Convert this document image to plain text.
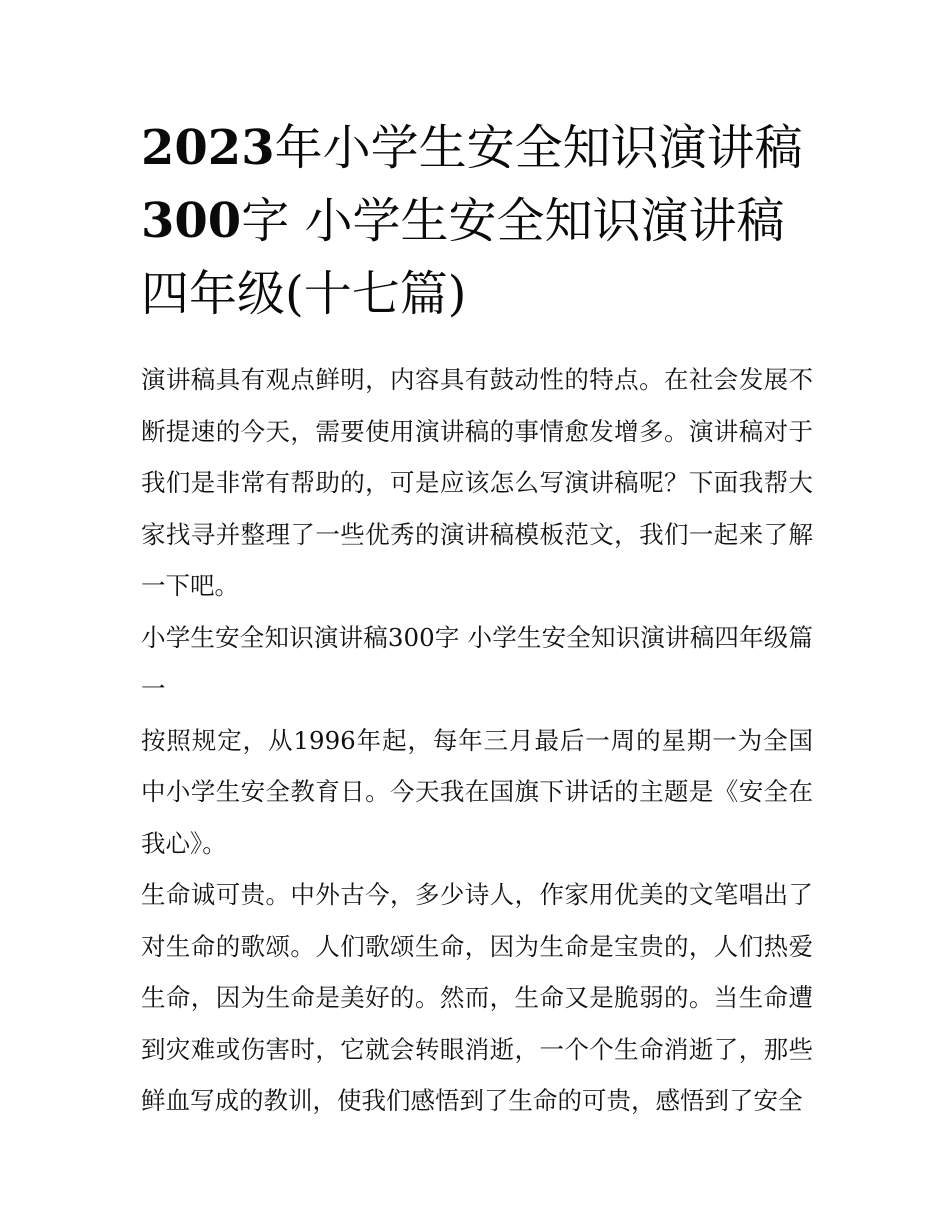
2023年小学生安全知识演讲稿300字 小学生安全知识演讲稿四年级(十七篇)

演讲稿具有观点鲜明，内容具有鼓动性的特点。在社会发展不断提速的今天，需要使用演讲稿的事情愈发增多。演讲稿对于我们是非常有帮助的，可是应该怎么写演讲稿呢？下面我帮大家找寻并整理了一些优秀的演讲稿模板范文，我们一起来了解一下吧。

小学生安全知识演讲稿300字 小学生安全知识演讲稿四年级篇一

按照规定，从1996年起，每年三月最后一周的星期一为全国中小学生安全教育日。今天我在国旗下讲话的主题是《安全在我心》。

生命诚可贵。中外古今，多少诗人，作家用优美的文笔唱出了对生命的歌颂。人们歌颂生命，因为生命是宝贵的，人们热爱生命，因为生命是美好的。然而，生命又是脆弱的。当生命遭到灾难或伤害时，它就会转眼消逝，一个个生命消逝了，那些鲜血写成的教训，使我们感悟到了生命的可贵，感悟到了安全
